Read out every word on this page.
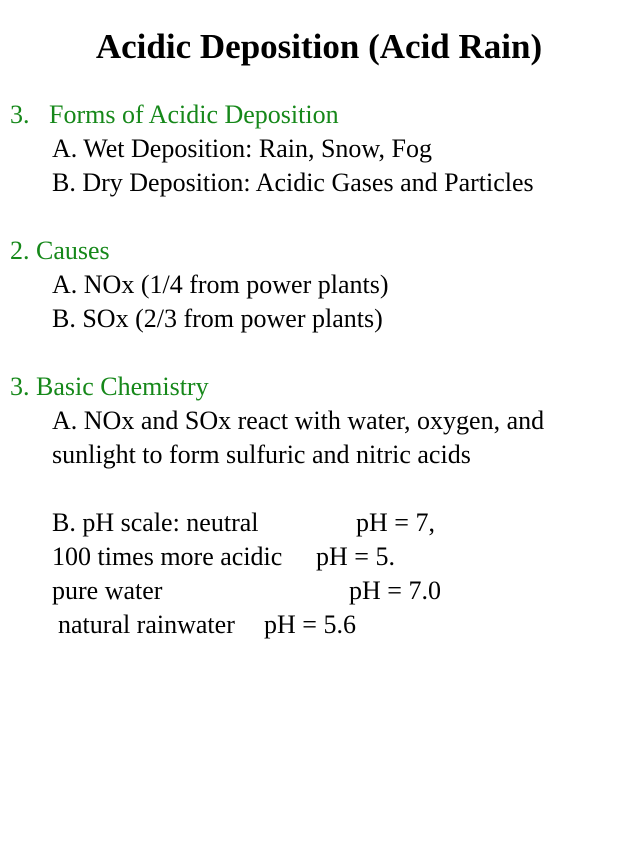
Acidic Deposition (Acid Rain)
3.   Forms of Acidic Deposition
A. Wet Deposition: Rain, Snow, Fog
B. Dry Deposition: Acidic Gases and Particles
2. Causes
A. NOx (1/4 from power plants)
B. SOx (2/3 from power plants)
3. Basic Chemistry
A. NOx and SOx react with water, oxygen, and
sunlight to form sulfuric and nitric acids
B. pH scale: neutral	pH = 7,
100 times more acidic pH = 5.
pure water	pH = 7.0
natural rainwater pH = 5.6
